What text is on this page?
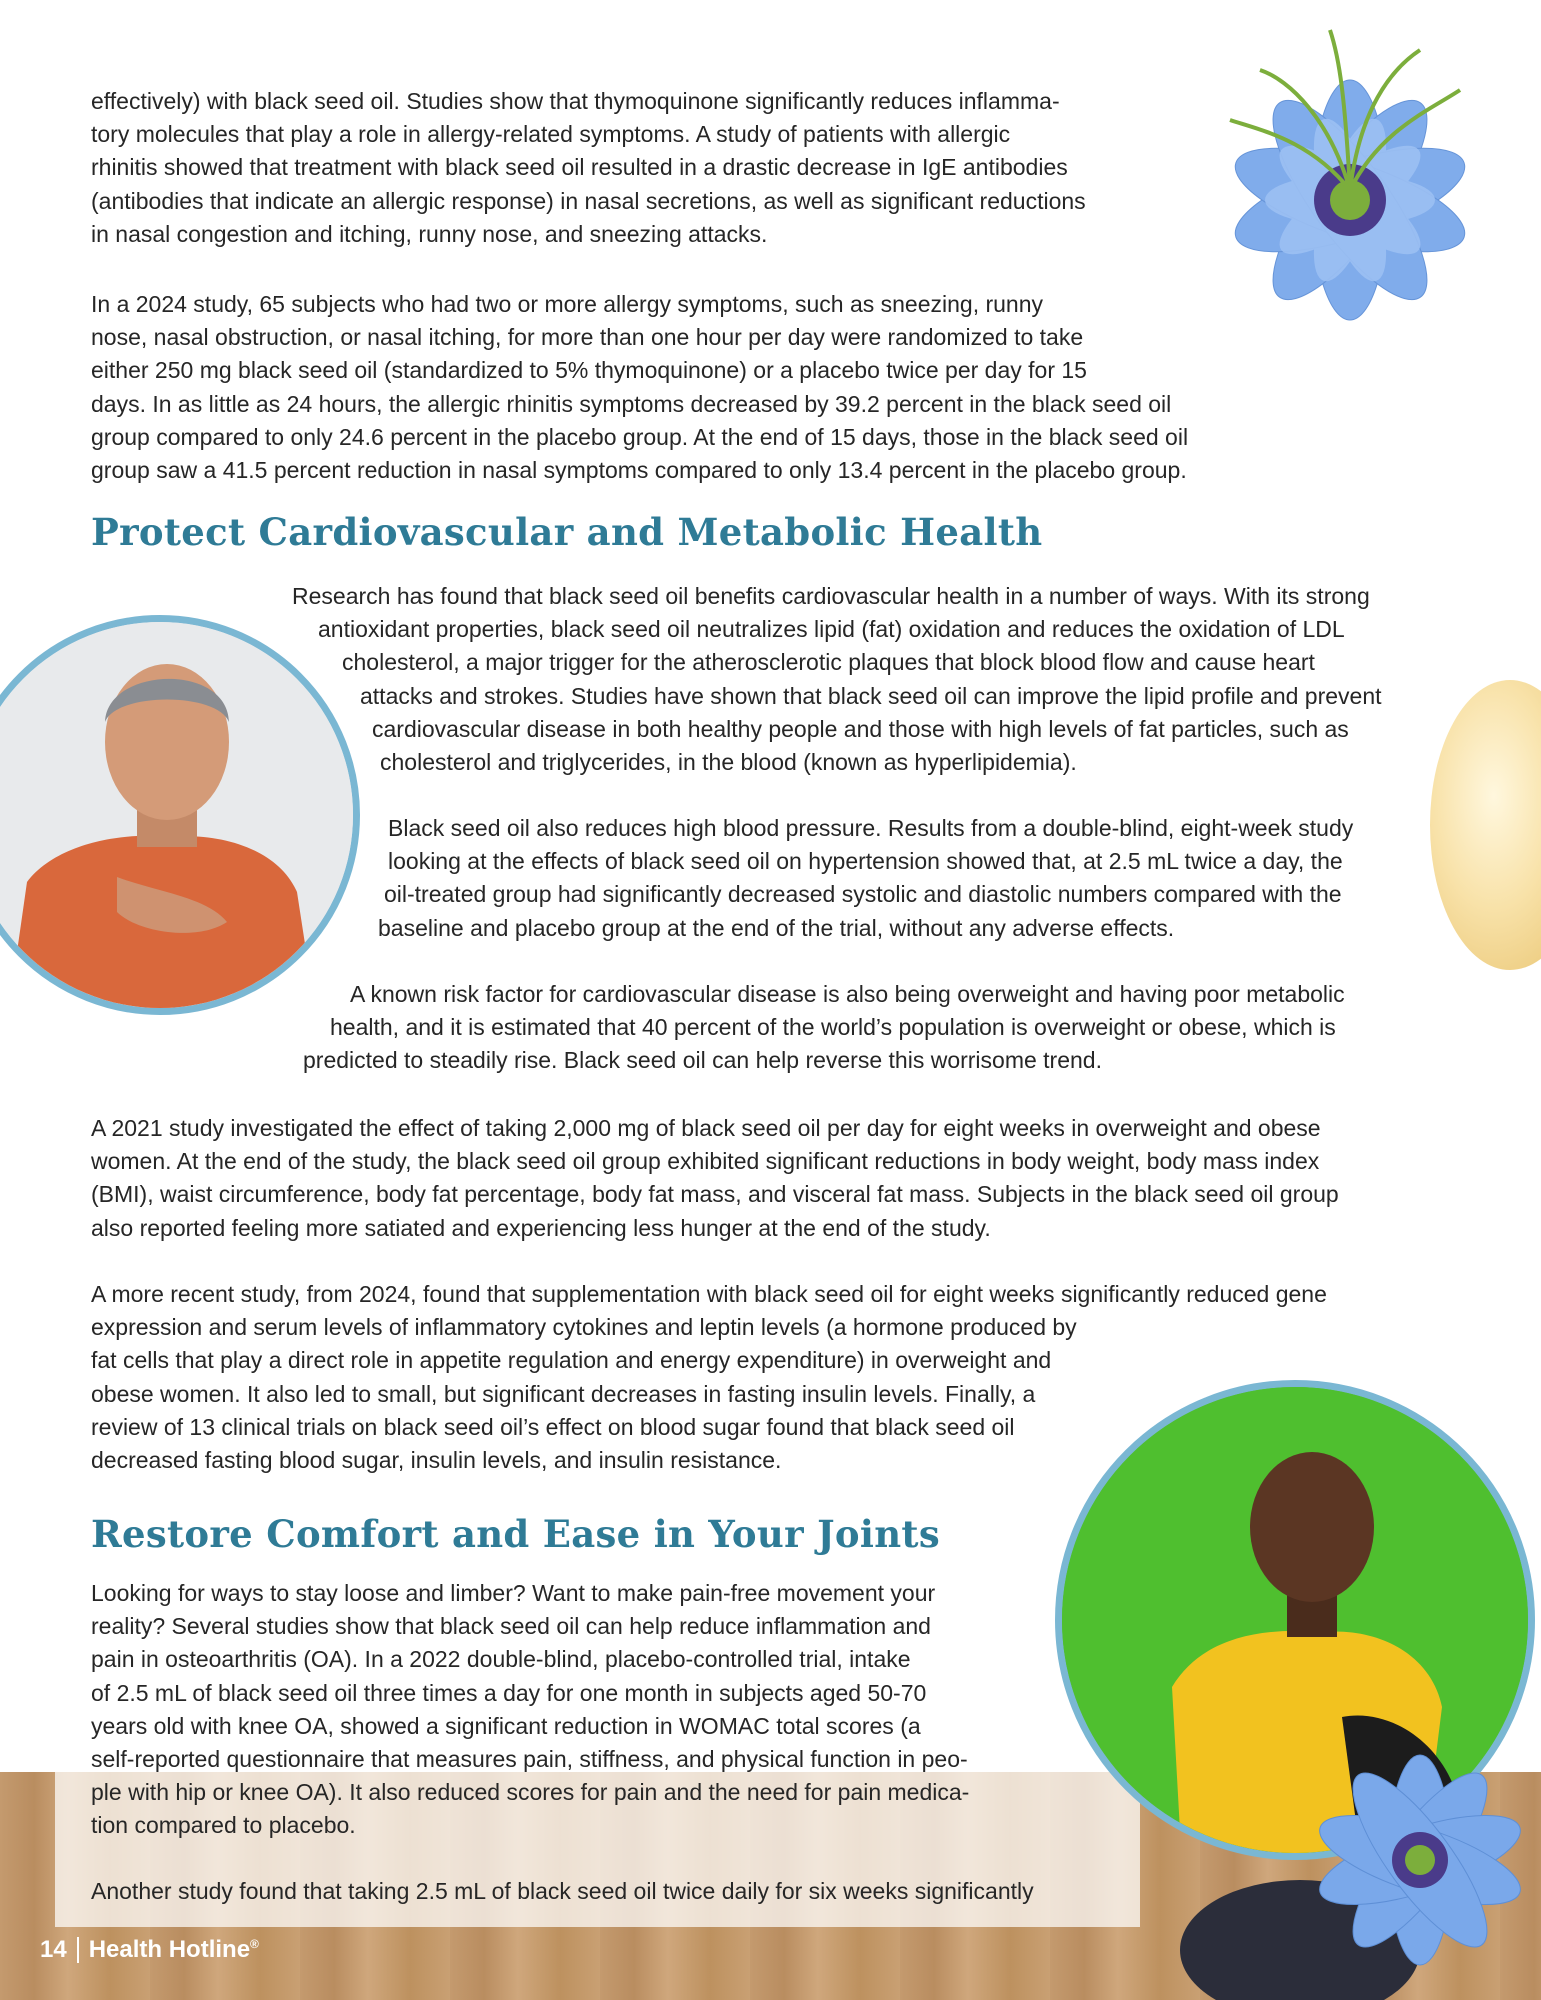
effectively) with black seed oil. Studies show that thymoquinone significantly reduces inflamma-
tory molecules that play a role in allergy-related symptoms. A study of patients with allergic
rhinitis showed that treatment with black seed oil resulted in a drastic decrease in IgE antibodies
(antibodies that indicate an allergic response) in nasal secretions, as well as significant reductions
in nasal congestion and itching, runny nose, and sneezing attacks.

In a 2024 study, 65 subjects who had two or more allergy symptoms, such as sneezing, runny
nose, nasal obstruction, or nasal itching, for more than one hour per day were randomized to take
either 250 mg black seed oil (standardized to 5% thymoquinone) or a placebo twice per day for 15
days. In as little as 24 hours, the allergic rhinitis symptoms decreased by 39.2 percent in the black seed oil
group compared to only 24.6 percent in the placebo group. At the end of 15 days, those in the black seed oil
group saw a 41.5 percent reduction in nasal symptoms compared to only 13.4 percent in the placebo group.

Protect Cardiovascular and Metabolic Health

Research has found that black seed oil benefits cardiovascular health in a number of ways. With its strong
antioxidant properties, black seed oil neutralizes lipid (fat) oxidation and reduces the oxidation of LDL
cholesterol, a major trigger for the atherosclerotic plaques that block blood flow and cause heart
attacks and strokes. Studies have shown that black seed oil can improve the lipid profile and prevent
cardiovascular disease in both healthy people and those with high levels of fat particles, such as
cholesterol and triglycerides, in the blood (known as hyperlipidemia).

Black seed oil also reduces high blood pressure. Results from a double-blind, eight-week study
looking at the effects of black seed oil on hypertension showed that, at 2.5 mL twice a day, the
oil-treated group had significantly decreased systolic and diastolic numbers compared with the
baseline and placebo group at the end of the trial, without any adverse effects.

A known risk factor for cardiovascular disease is also being overweight and having poor metabolic
health, and it is estimated that 40 percent of the world’s population is overweight or obese, which is
predicted to steadily rise. Black seed oil can help reverse this worrisome trend.

A 2021 study investigated the effect of taking 2,000 mg of black seed oil per day for eight weeks in overweight and obese
women. At the end of the study, the black seed oil group exhibited significant reductions in body weight, body mass index
(BMI), waist circumference, body fat percentage, body fat mass, and visceral fat mass. Subjects in the black seed oil group
also reported feeling more satiated and experiencing less hunger at the end of the study.

A more recent study, from 2024, found that supplementation with black seed oil for eight weeks significantly reduced gene
expression and serum levels of inflammatory cytokines and leptin levels (a hormone produced by
fat cells that play a direct role in appetite regulation and energy expenditure) in overweight and
obese women. It also led to small, but significant decreases in fasting insulin levels. Finally, a
review of 13 clinical trials on black seed oil’s effect on blood sugar found that black seed oil
decreased fasting blood sugar, insulin levels, and insulin resistance.

Restore Comfort and Ease in Your Joints

Looking for ways to stay loose and limber? Want to make pain-free movement your
reality? Several studies show that black seed oil can help reduce inflammation and
pain in osteoarthritis (OA). In a 2022 double-blind, placebo-controlled trial, intake
of 2.5 mL of black seed oil three times a day for one month in subjects aged 50-70
years old with knee OA, showed a significant reduction in WOMAC total scores (a
self-reported questionnaire that measures pain, stiffness, and physical function in peo-
ple with hip or knee OA). It also reduced scores for pain and the need for pain medica-
tion compared to placebo.

Another study found that taking 2.5 mL of black seed oil twice daily for six weeks significantly

14 Health Hotline®
